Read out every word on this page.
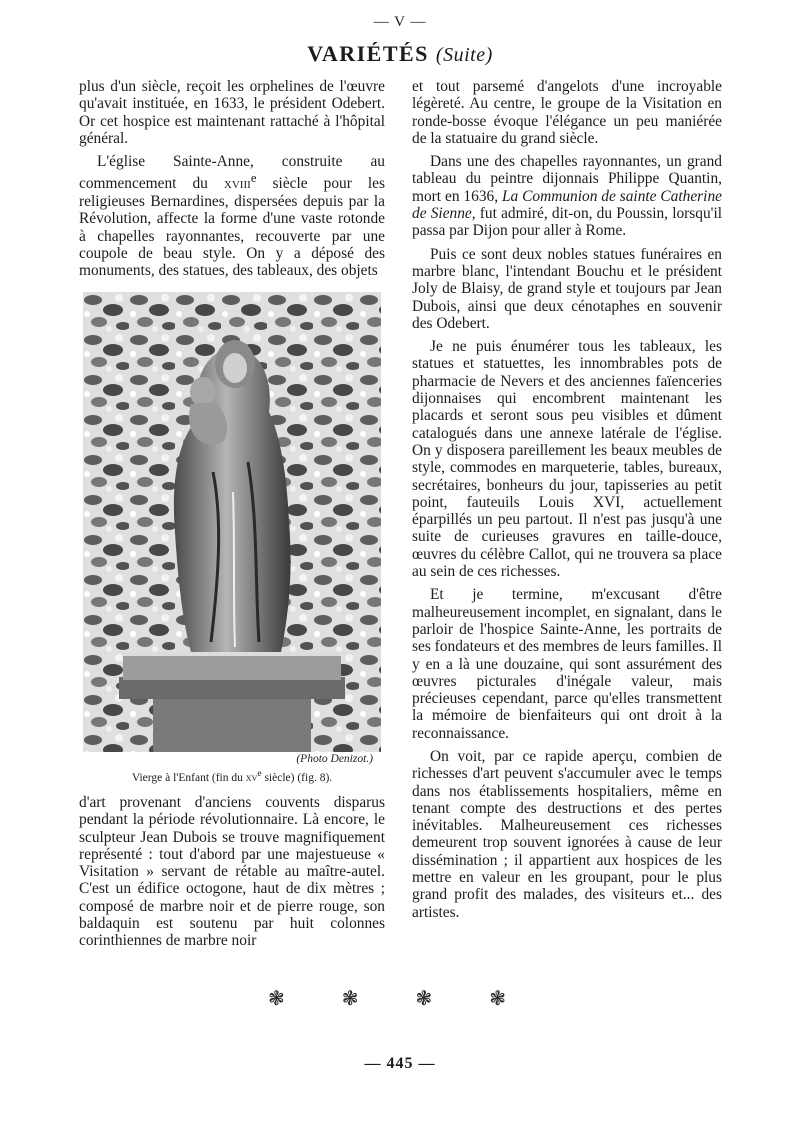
— V —
VARIÉTÉS (Suite)

plus d'un siècle, reçoit les orphelines de l'œuvre qu'avait instituée, en 1633, le président Odebert. Or cet hospice est maintenant rattaché à l'hôpital général.

L'église Sainte-Anne, construite au commencement du xviii$^e$ siècle pour les religieuses Bernardines, dispersées depuis par la Révolution, affecte la forme d'une vaste rotonde à chapelles rayonnantes, recouverte par une coupole de beau style. On y a déposé des monuments, des statues, des tableaux, des objets

(Photo Denizot.)
Vierge à l'Enfant (fin du $xv^e$ siècle) (fig. 8).

d'art provenant d'anciens couvents disparus pendant la période révolutionnaire. Là encore, le sculpteur Jean Dubois se trouve magnifiquement représenté : tout d'abord par une majestueuse « Visitation » servant de rétable au maître-autel. C'est un édifice octogone, haut de dix mètres ; composé de marbre noir et de pierre rouge, son baldaquin est soutenu par huit colonnes corinthiennes de marbre noir

et tout parsemé d'angelots d'une incroyable légèreté. Au centre, le groupe de la Visitation en ronde-bosse évoque l'élégance un peu maniérée de la statuaire du grand siècle.

Dans une des chapelles rayonnantes, un grand tableau du peintre dijonnais Philippe Quantin, mort en 1636, La Communion de sainte Catherine de Sienne, fut admiré, dit-on, du Poussin, lorsqu'il passa par Dijon pour aller à Rome.

Puis ce sont deux nobles statues funéraires en marbre blanc, l'intendant Bouchu et le président Joly de Blaisy, de grand style et toujours par Jean Dubois, ainsi que deux cénotaphes en souvenir des Odebert.

Je ne puis énumérer tous les tableaux, les statues et statuettes, les innombrables pots de pharmacie de Nevers et des anciennes faïenceries dijonnaises qui encombrent maintenant les placards et seront sous peu visibles et dûment catalogués dans une annexe latérale de l'église. On y disposera pareillement les beaux meubles de style, commodes en marqueterie, tables, bureaux, secrétaires, bonheurs du jour, tapisseries au petit point, fauteuils Louis XVI, actuellement éparpillés un peu partout. Il n'est pas jusqu'à une suite de curieuses gravures en taille-douce, œuvres du célèbre Callot, qui ne trouvera sa place au sein de ces richesses.

Et je termine, m'excusant d'être malheureusement incomplet, en signalant, dans le parloir de l'hospice Sainte-Anne, les portraits de ses fondateurs et des membres de leurs familles. Il y en a là une douzaine, qui sont assurément des œuvres picturales d'inégale valeur, mais précieuses cependant, parce qu'elles transmettent la mémoire de bienfaiteurs qui ont droit à la reconnaissance.

On voit, par ce rapide aperçu, combien de richesses d'art peuvent s'accumuler avec le temps dans nos établissements hospitaliers, même en tenant compte des destructions et des pertes inévitables. Malheureusement ces richesses demeurent trop souvent ignorées à cause de leur dissémination ; il appartient aux hospices de les mettre en valeur en les groupant, pour le plus grand profit des malades, des visiteurs et... des artistes.

❃ ❃ ❃ ❃
— 445 —
